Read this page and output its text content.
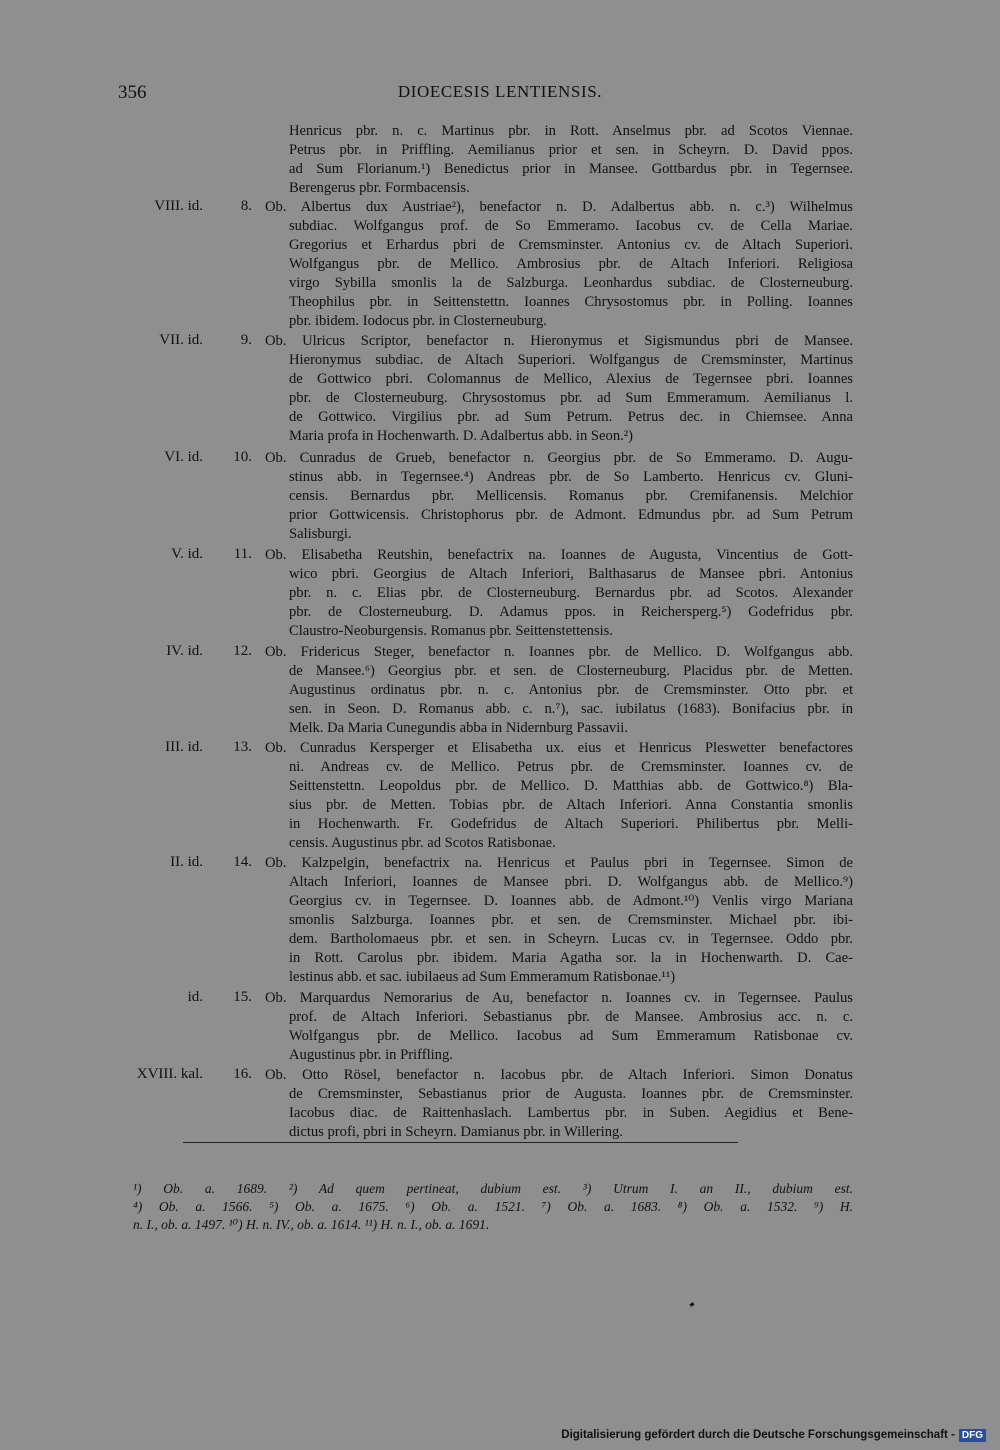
356	DIOECESIS LENTIENSIS.
Henricus pbr. n. c. Martinus pbr. in Rott. Anselmus pbr. ad Scotos Viennae.
Petrus pbr. in Priffling. Aemilianus prior et sen. in Scheyrn. D. David ppos.
ad Sum Florianum.¹) Benedictus prior in Mansee. Gottbardus pbr. in Tegernsee.
Berengerus pbr. Formbacensis.
VIII. id.	8. Ob. Albertus dux Austriae²), benefactor n. D. Adalbertus abb. n. c.³) Wilhelmus
subdiac. Wolfgangus prof. de So Emmeramo. Iacobus cv. de Cella Mariae.
Gregorius et Erhardus pbri de Cremsminster. Antonius cv. de Altach Superiori.
Wolfgangus pbr. de Mellico. Ambrosius pbr. de Altach Inferiori. Religiosa
virgo Sybilla smonlis la de Salzburga. Leonhardus subdiac. de Closterneuburg.
Theophilus pbr. in Seittenstettn. Ioannes Chrysostomus pbr. in Polling. Ioannes
pbr. ibidem. Iodocus pbr. in Closterneuburg.
VII. id.	9. Ob. Ulricus Scriptor, benefactor n. Hieronymus et Sigismundus pbri de Mansee.
Hieronymus subdiac. de Altach Superiori. Wolfgangus de Cremsminster, Martinus
de Gottwico pbri. Colomannus de Mellico, Alexius de Tegernsee pbri. Ioannes
pbr. de Closterneuburg. Chrysostomus pbr. ad Sum Emmeramum. Aemilianus l.
de Gottwico. Virgilius pbr. ad Sum Petrum. Petrus dec. in Chiemsee. Anna
Maria profa in Hochenwarth. D. Adalbertus abb. in Seon.²)
VI. id.	10. Ob. Cunradus de Grueb, benefactor n. Georgius pbr. de So Emmeramo. D. Augu-
stinus abb. in Tegernsee.⁴) Andreas pbr. de So Lamberto. Henricus cv. Gluni-
censis. Bernardus pbr. Mellicensis. Romanus pbr. Cremifanensis. Melchior
prior Gottwicensis. Christophorus pbr. de Admont. Edmundus pbr. ad Sum Petrum
Salisburgi.
V. id.	11. Ob. Elisabetha Reutshin, benefactrix na. Ioannes de Augusta, Vincentius de Gott-
wico pbri. Georgius de Altach Inferiori, Balthasarus de Mansee pbri. Antonius
pbr. n. c. Elias pbr. de Closterneuburg. Bernardus pbr. ad Scotos. Alexander
pbr. de Closterneuburg. D. Adamus ppos. in Reichersperg.⁵) Godefridus pbr.
Claustro-Neoburgensis. Romanus pbr. Seittenstettensis.
IV. id.	12. Ob. Fridericus Steger, benefactor n. Ioannes pbr. de Mellico. D. Wolfgangus abb.
de Mansee.⁶) Georgius pbr. et sen. de Closterneuburg. Placidus pbr. de Metten.
Augustinus ordinatus pbr. n. c. Antonius pbr. de Cremsminster. Otto pbr. et
sen. in Seon. D. Romanus abb. c. n.⁷), sac. iubilatus (1683). Bonifacius pbr. in
Melk. Da Maria Cunegundis abba in Nidernburg Passavii.
III. id.	13. Ob. Cunradus Kersperger et Elisabetha ux. eius et Henricus Pleswetter benefactores
ni. Andreas cv. de Mellico. Petrus pbr. de Cremsminster. Ioannes cv. de
Seittenstettn. Leopoldus pbr. de Mellico. D. Matthias abb. de Gottwico.⁸) Bla-
sius pbr. de Metten. Tobias pbr. de Altach Inferiori. Anna Constantia smonlis
in Hochenwarth. Fr. Godefridus de Altach Superiori. Philibertus pbr. Melli-
censis. Augustinus pbr. ad Scotos Ratisbonae.
II. id.	14. Ob. Kalzpelgin, benefactrix na. Henricus et Paulus pbri in Tegernsee. Simon de
Altach Inferiori, Ioannes de Mansee pbri. D. Wolfgangus abb. de Mellico.⁹)
Georgius cv. in Tegernsee. D. Ioannes abb. de Admont.¹⁰) Venlis virgo Mariana
smonlis Salzburga. Ioannes pbr. et sen. de Cremsminster. Michael pbr. ibi-
dem. Bartholomaeus pbr. et sen. in Scheyrn. Lucas cv. in Tegernsee. Oddo pbr.
in Rott. Carolus pbr. ibidem. Maria Agatha sor. la in Hochenwarth. D. Cae-
lestinus abb. et sac. iubilaeus ad Sum Emmeramum Ratisbonae.¹¹)
id.	15. Ob. Marquardus Nemorarius de Au, benefactor n. Ioannes cv. in Tegernsee. Paulus
prof. de Altach Inferiori. Sebastianus pbr. de Mansee. Ambrosius acc. n. c.
Wolfgangus pbr. de Mellico. Iacobus ad Sum Emmeramum Ratisbonae cv.
Augustinus pbr. in Priffling.
XVIII. kal.	16. Ob. Otto Rösel, benefactor n. Iacobus pbr. de Altach Inferiori. Simon Donatus
de Cremsminster, Sebastianus prior de Augusta. Ioannes pbr. de Cremsminster.
Iacobus diac. de Raittenhaslach. Lambertus pbr. in Suben. Aegidius et Bene-
dictus profi, pbri in Scheyrn. Damianus pbr. in Willering.
¹) Ob. a. 1689. ²) Ad quem pertineat, dubium est. ³) Utrum I. an II., dubium est.
⁴) Ob. a. 1566. ⁵) Ob. a. 1675. ⁶) Ob. a. 1521. ⁷) Ob. a. 1683. ⁸) Ob. a. 1532. ⁹) H.
n. I., ob. a. 1497. ¹⁰) H. n. IV., ob. a. 1614. ¹¹) H. n. I., ob. a. 1691.
Digitalisierung gefördert durch die Deutsche Forschungsgemeinschaft - DFG
